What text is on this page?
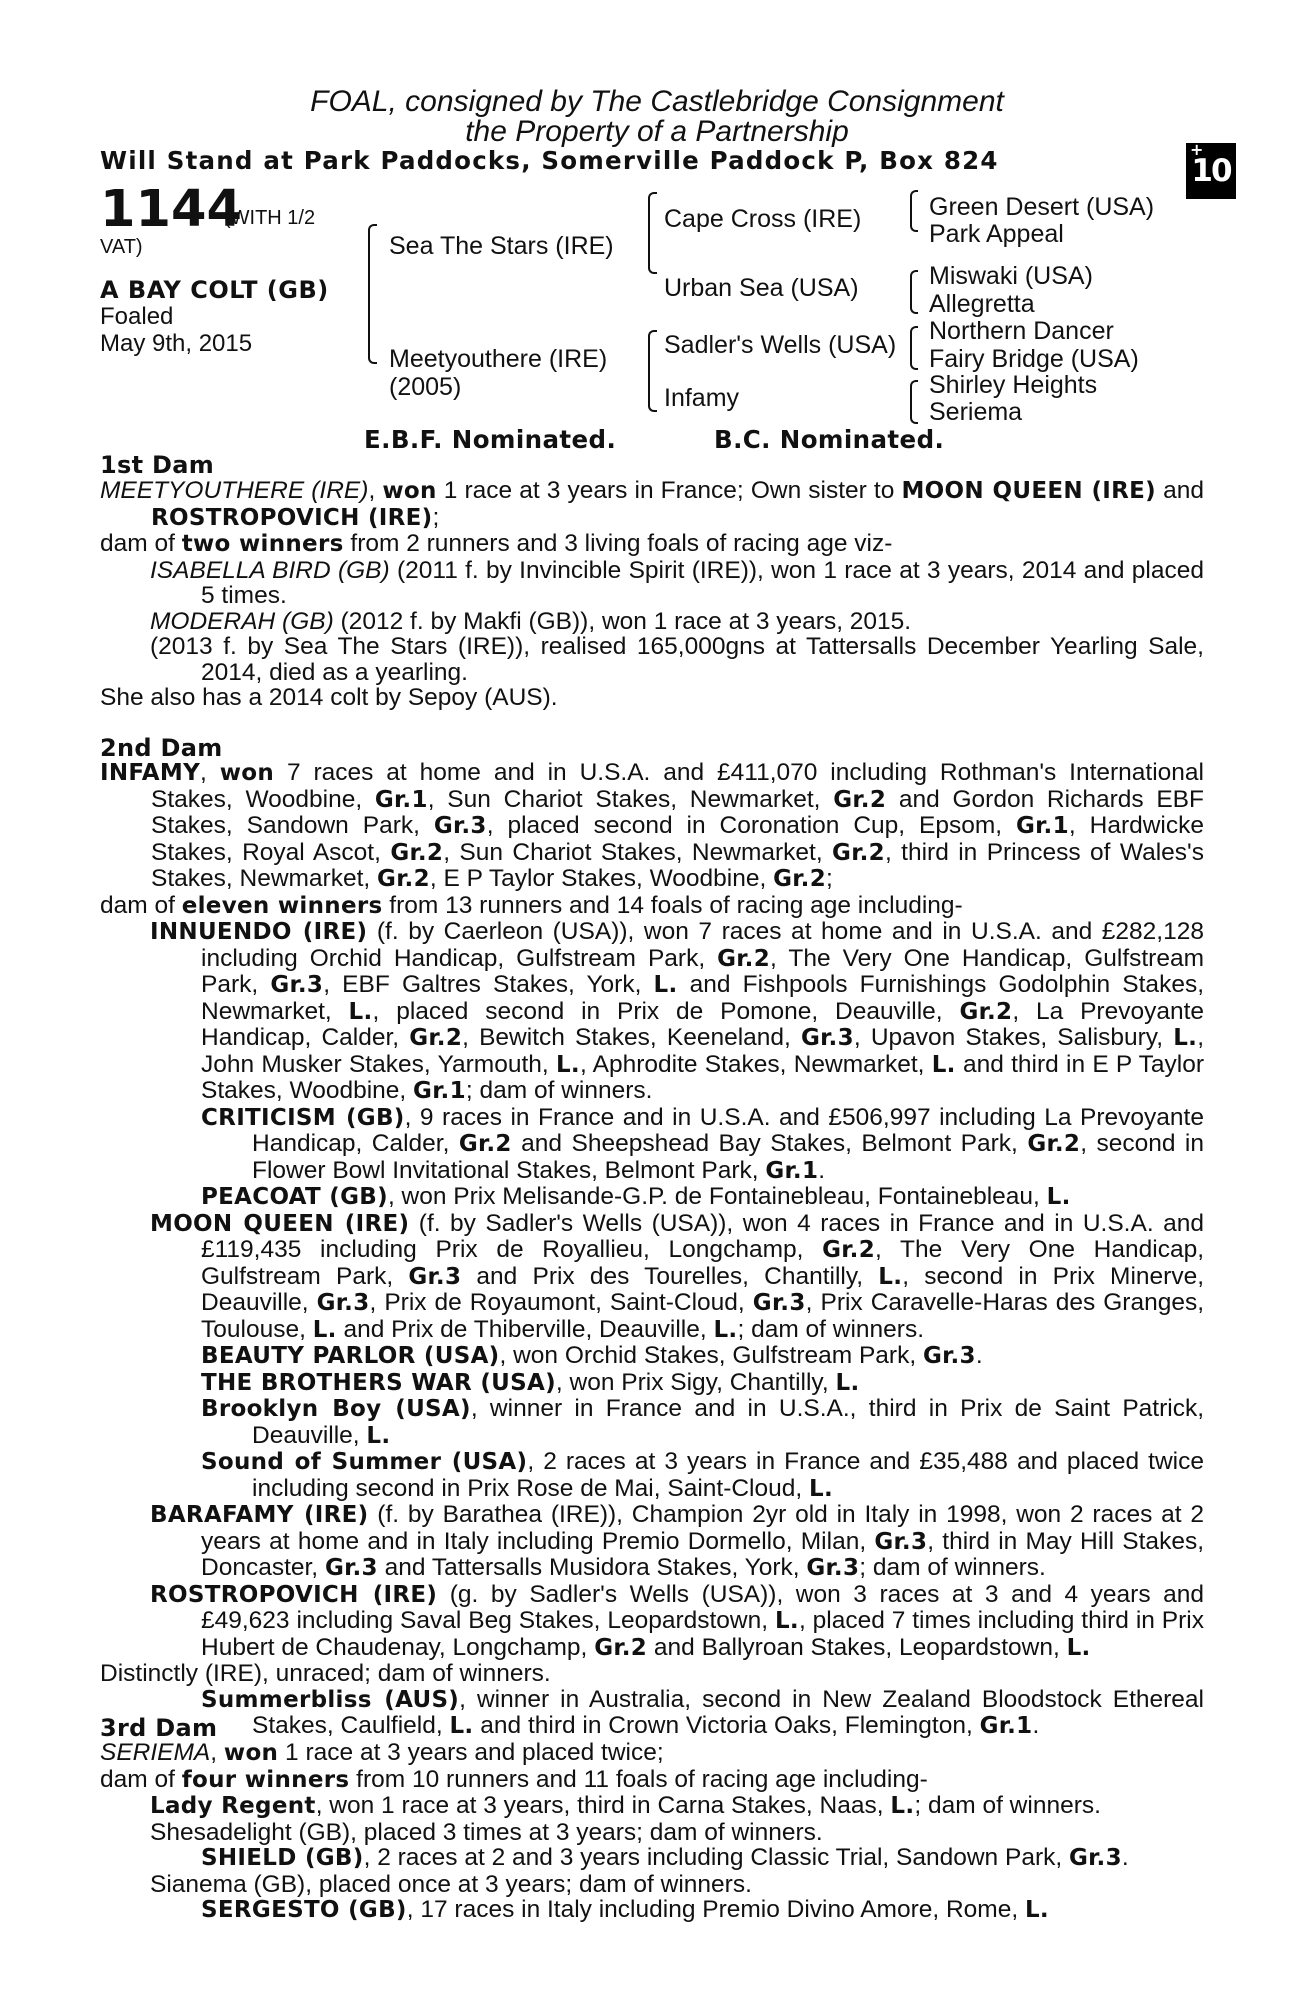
FOAL, consigned by The Castlebridge Consignment
the Property of a Partnership
Will Stand at Park Paddocks, Somerville Paddock P, Box 824	+
10
1144
(WITH 1/2
VAT)
A BAY COLT (GB)
Foaled
May 9th, 2015
Sea The Stars (IRE)
Meetyouthere (IRE)
(2005)
Cape Cross (IRE)
Urban Sea (USA)
Sadler's Wells (USA)
Infamy
Green Desert (USA)
Park Appeal
Miswaki (USA)
Allegretta
Northern Dancer
Fairy Bridge (USA)
Shirley Heights
Seriema
E.B.F. Nominated.	B.C. Nominated.
1st Dam

MEETYOUTHERE (IRE), won 1 race at 3 years in France; Own sister to MOON QUEEN (IRE) and ROSTROPOVICH (IRE);

dam of two winners from 2 runners and 3 living foals of racing age viz-

ISABELLA BIRD (GB) (2011 f. by Invincible Spirit (IRE)), won 1 race at 3 years, 2014 and placed 5 times.

MODERAH (GB) (2012 f. by Makfi (GB)), won 1 race at 3 years, 2015.

(2013 f. by Sea The Stars (IRE)), realised 165,000gns at Tattersalls December Yearling Sale, 2014, died as a yearling.

She also has a 2014 colt by Sepoy (AUS).

2nd Dam

INFAMY, won 7 races at home and in U.S.A. and £411,070 including Rothman's International Stakes, Woodbine, Gr.1, Sun Chariot Stakes, Newmarket, Gr.2 and Gordon Richards EBF Stakes, Sandown Park, Gr.3, placed second in Coronation Cup, Epsom, Gr.1, Hardwicke Stakes, Royal Ascot, Gr.2, Sun Chariot Stakes, Newmarket, Gr.2, third in Princess of Wales's Stakes, Newmarket, Gr.2, E P Taylor Stakes, Woodbine, Gr.2;

dam of eleven winners from 13 runners and 14 foals of racing age including-

INNUENDO (IRE) (f. by Caerleon (USA)), won 7 races at home and in U.S.A. and £282,128 including Orchid Handicap, Gulfstream Park, Gr.2, The Very One Handicap, Gulfstream Park, Gr.3, EBF Galtres Stakes, York, L. and Fishpools Furnishings Godolphin Stakes, Newmarket, L., placed second in Prix de Pomone, Deauville, Gr.2, La Prevoyante Handicap, Calder, Gr.2, Bewitch Stakes, Keeneland, Gr.3, Upavon Stakes, Salisbury, L., John Musker Stakes, Yarmouth, L., Aphrodite Stakes, Newmarket, L. and third in E P Taylor Stakes, Woodbine, Gr.1; dam of winners.

CRITICISM (GB), 9 races in France and in U.S.A. and £506,997 including La Prevoyante Handicap, Calder, Gr.2 and Sheepshead Bay Stakes, Belmont Park, Gr.2, second in Flower Bowl Invitational Stakes, Belmont Park, Gr.1.

PEACOAT (GB), won Prix Melisande-G.P. de Fontainebleau, Fontainebleau, L.

MOON QUEEN (IRE) (f. by Sadler's Wells (USA)), won 4 races in France and in U.S.A. and £119,435 including Prix de Royallieu, Longchamp, Gr.2, The Very One Handicap, Gulfstream Park, Gr.3 and Prix des Tourelles, Chantilly, L., second in Prix Minerve, Deauville, Gr.3, Prix de Royaumont, Saint-Cloud, Gr.3, Prix Caravelle-Haras des Granges, Toulouse, L. and Prix de Thiberville, Deauville, L.; dam of winners.

BEAUTY PARLOR (USA), won Orchid Stakes, Gulfstream Park, Gr.3.

THE BROTHERS WAR (USA), won Prix Sigy, Chantilly, L.

Brooklyn Boy (USA), winner in France and in U.S.A., third in Prix de Saint Patrick, Deauville, L.

Sound of Summer (USA), 2 races at 3 years in France and £35,488 and placed twice including second in Prix Rose de Mai, Saint-Cloud, L.

BARAFAMY (IRE) (f. by Barathea (IRE)), Champion 2yr old in Italy in 1998, won 2 races at 2 years at home and in Italy including Premio Dormello, Milan, Gr.3, third in May Hill Stakes, Doncaster, Gr.3 and Tattersalls Musidora Stakes, York, Gr.3; dam of winners.

ROSTROPOVICH (IRE) (g. by Sadler's Wells (USA)), won 3 races at 3 and 4 years and £49,623 including Saval Beg Stakes, Leopardstown, L., placed 7 times including third in Prix Hubert de Chaudenay, Longchamp, Gr.2 and Ballyroan Stakes, Leopardstown, L.

Distinctly (IRE), unraced; dam of winners.

Summerbliss (AUS), winner in Australia, second in New Zealand Bloodstock Ethereal Stakes, Caulfield, L. and third in Crown Victoria Oaks, Flemington, Gr.1.

3rd Dam

SERIEMA, won 1 race at 3 years and placed twice;

dam of four winners from 10 runners and 11 foals of racing age including-

Lady Regent, won 1 race at 3 years, third in Carna Stakes, Naas, L.; dam of winners.

Shesadelight (GB), placed 3 times at 3 years; dam of winners.

SHIELD (GB), 2 races at 2 and 3 years including Classic Trial, Sandown Park, Gr.3.

Sianema (GB), placed once at 3 years; dam of winners.

SERGESTO (GB), 17 races in Italy including Premio Divino Amore, Rome, L.
